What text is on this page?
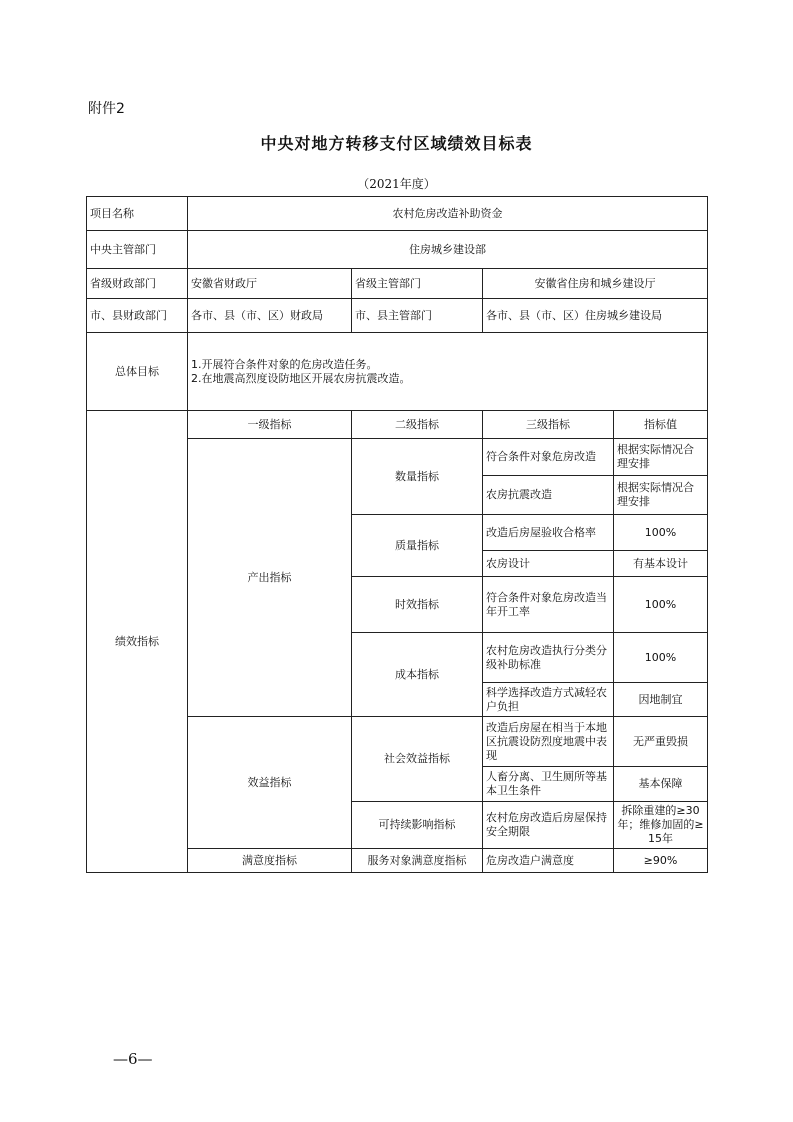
附件2
中央对地方转移支付区域绩效目标表
（2021年度）
项目名称	农村危房改造补助资金			
中央主管部门	住房城乡建设部			
省级财政部门	安徽省财政厅	省级主管部门	安徽省住房和城乡建设厅	
市、县财政部门	各市、县（市、区）财政局	市、县主管部门	各市、县（市、区）住房城乡建设局	
总体目标	1.开展符合条件对象的危房改造任务。
2.在地震高烈度设防地区开展农房抗震改造。			

绩效指标	一级指标	二级指标	三级指标	指标值
	产出指标	数量指标	符合条件对象危房改造	根据实际情况合理安排
			农房抗震改造	根据实际情况合理安排
		质量指标	改造后房屋验收合格率	100%
			农房设计	有基本设计
		时效指标	符合条件对象危房改造当年开工率	100%
		成本指标	农村危房改造执行分类分级补助标准	100%
			科学选择改造方式减轻农户负担	因地制宜
	效益指标	社会效益指标	改造后房屋在相当于本地区抗震设防烈度地震中表现	无严重毁损
			人畜分离、卫生厕所等基本卫生条件	基本保障
		可持续影响指标	农村危房改造后房屋保持安全期限	拆除重建的≥30年；维修加固的≥15年
	满意度指标	服务对象满意度指标	危房改造户满意度	≥90%
—6—
